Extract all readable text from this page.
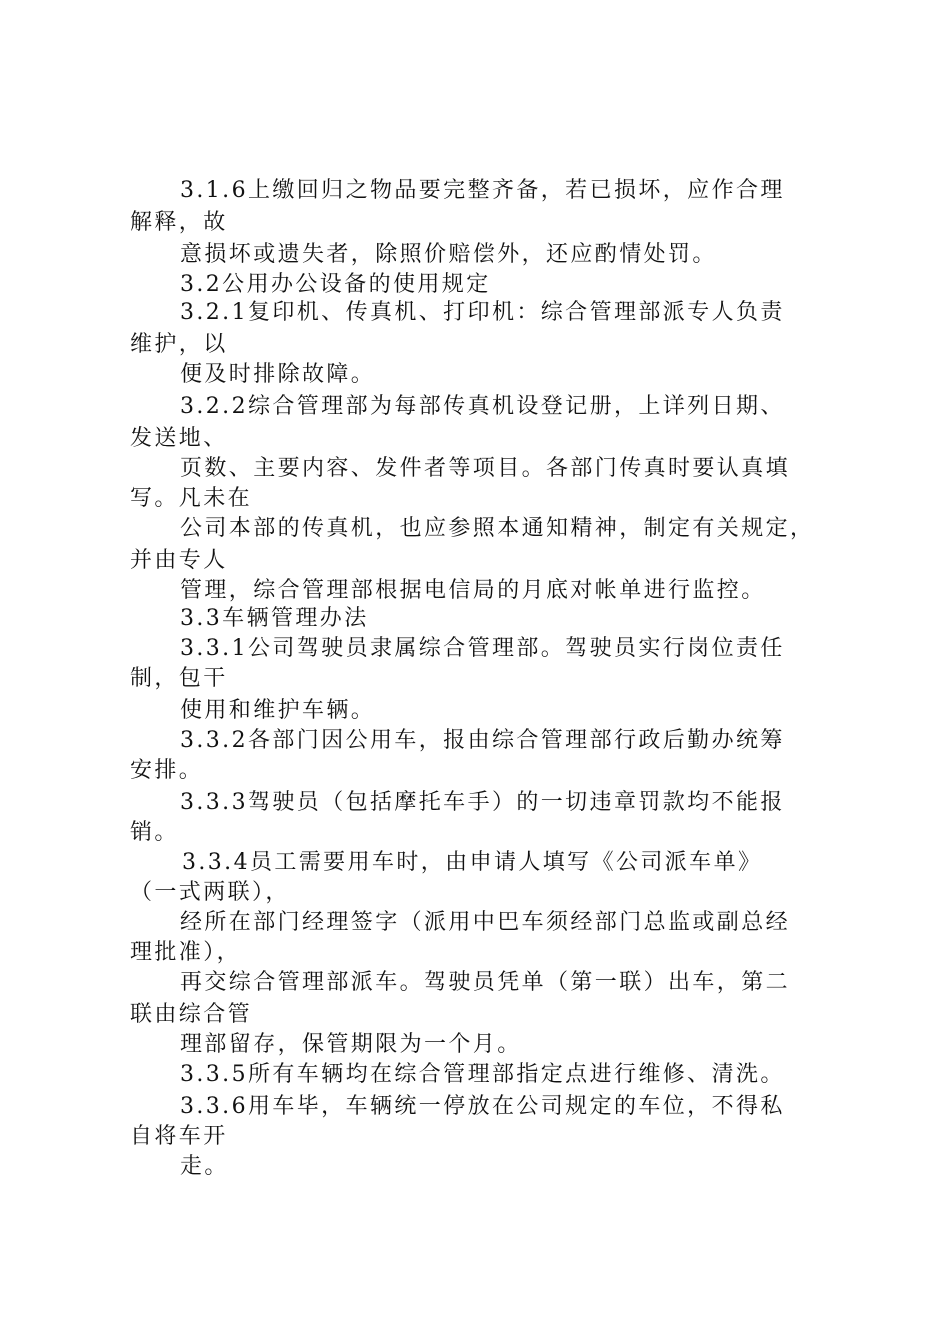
3.1.6上缴回归之物品要完整齐备，若已损坏，应作合理
解释，故
意损坏或遗失者，除照价赔偿外，还应酌情处罚。
3.2公用办公设备的使用规定
3.2.1复印机、传真机、打印机：综合管理部派专人负责
维护，以
便及时排除故障。
3.2.2综合管理部为每部传真机设登记册，上详列日期、
发送地、
页数、主要内容、发件者等项目。各部门传真时要认真填
写。凡未在
公司本部的传真机，也应参照本通知精神，制定有关规定，
并由专人
管理，综合管理部根据电信局的月底对帐单进行监控。
3.3车辆管理办法
3.3.1公司驾驶员隶属综合管理部。驾驶员实行岗位责任
制，包干
使用和维护车辆。
3.3.2各部门因公用车，报由综合管理部行政后勤办统筹
安排。
3.3.3驾驶员（包括摩托车手）的一切违章罚款均不能报
销。
3.3.4员工需要用车时，由申请人填写《公司派车单》
（一式两联），
经所在部门经理签字（派用中巴车须经部门总监或副总经
理批准），
再交综合管理部派车。驾驶员凭单（第一联）出车，第二
联由综合管
理部留存，保管期限为一个月。
3.3.5所有车辆均在综合管理部指定点进行维修、清洗。
3.3.6用车毕，车辆统一停放在公司规定的车位，不得私
自将车开
走。
